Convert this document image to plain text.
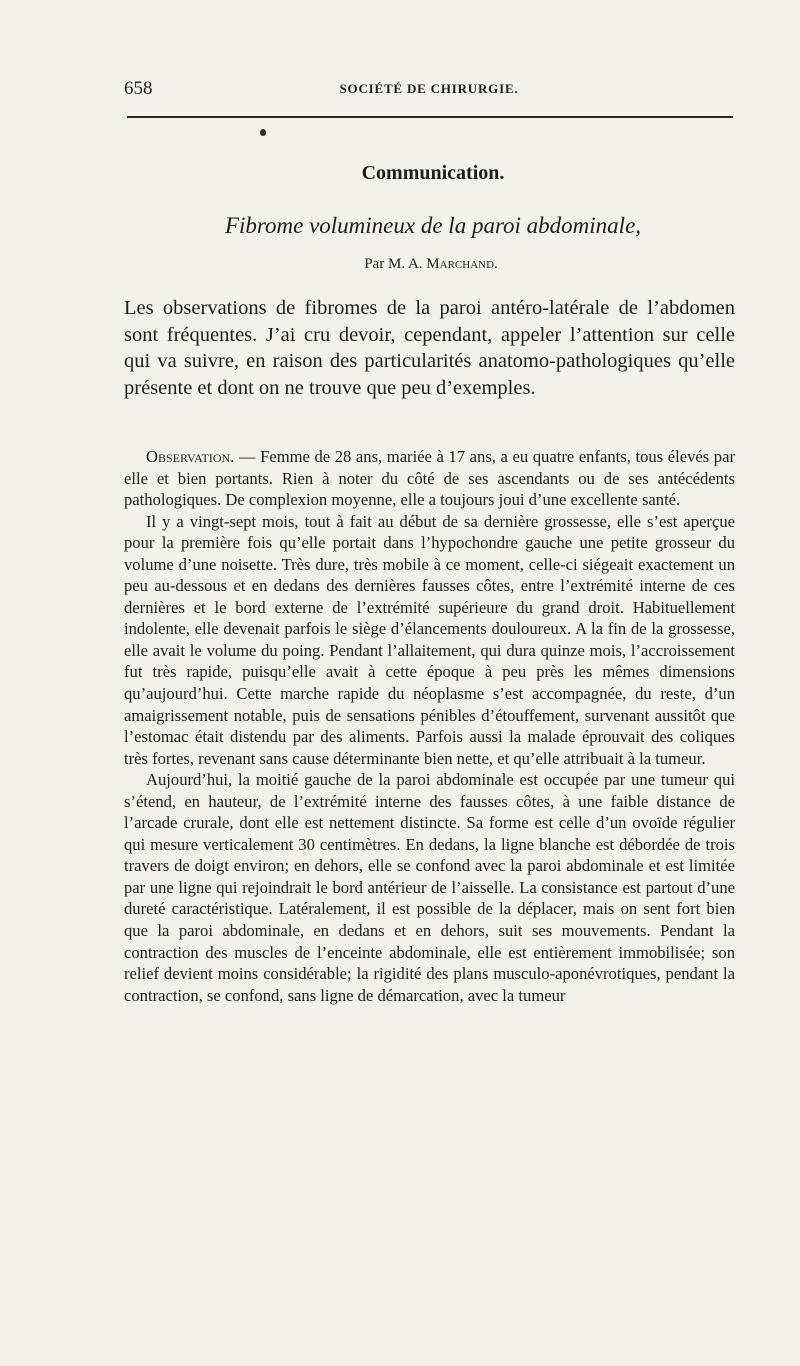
658	SOCIÉTÉ DE CHIRURGIE.
Communication.
Fibrome volumineux de la paroi abdominale,
Par M. A. Marchand.

Les observations de fibromes de la paroi antéro-latérale de l’abdomen sont fréquentes. J’ai cru devoir, cependant, appeler l’attention sur celle qui va suivre, en raison des particularités anatomo-pathologiques qu’elle présente et dont on ne trouve que peu d’exemples.

Observation. — Femme de 28 ans, mariée à 17 ans, a eu quatre enfants, tous élevés par elle et bien portants. Rien à noter du côté de ses ascendants ou de ses antécédents pathologiques. De complexion moyenne, elle a toujours joui d’une excellente santé.

Il y a vingt-sept mois, tout à fait au début de sa dernière grossesse, elle s’est aperçue pour la première fois qu’elle portait dans l’hypochondre gauche une petite grosseur du volume d’une noisette. Très dure, très mobile à ce moment, celle-ci siégeait exactement un peu au-dessous et en dedans des dernières fausses côtes, entre l’extrémité interne de ces dernières et le bord externe de l’extrémité supérieure du grand droit. Habituellement indolente, elle devenait parfois le siège d’élancements douloureux. A la fin de la grossesse, elle avait le volume du poing. Pendant l’allaitement, qui dura quinze mois, l’accroissement fut très rapide, puisqu’elle avait à cette époque à peu près les mêmes dimensions qu’aujourd’hui. Cette marche rapide du néoplasme s’est accompagnée, du reste, d’un amaigrissement notable, puis de sensations pénibles d’étouffement, survenant aussitôt que l’estomac était distendu par des aliments. Parfois aussi la malade éprouvait des coliques très fortes, revenant sans cause déterminante bien nette, et qu’elle attribuait à la tumeur.

Aujourd’hui, la moitié gauche de la paroi abdominale est occupée par une tumeur qui s’étend, en hauteur, de l’extrémité interne des fausses côtes, à une faible distance de l’arcade crurale, dont elle est nettement distincte. Sa forme est celle d’un ovoïde régulier qui mesure verticalement 30 centimètres. En dedans, la ligne blanche est débordée de trois travers de doigt environ; en dehors, elle se confond avec la paroi abdominale et est limitée par une ligne qui rejoindrait le bord antérieur de l’aisselle. La consistance est partout d’une dureté caractéristique. Latéralement, il est possible de la déplacer, mais on sent fort bien que la paroi abdominale, en dedans et en dehors, suit ses mouvements. Pendant la contraction des muscles de l’enceinte abdominale, elle est entièrement immobilisée; son relief devient moins considérable; la rigidité des plans musculo-aponévrotiques, pendant la contraction, se confond, sans ligne de démarcation, avec la tumeur
